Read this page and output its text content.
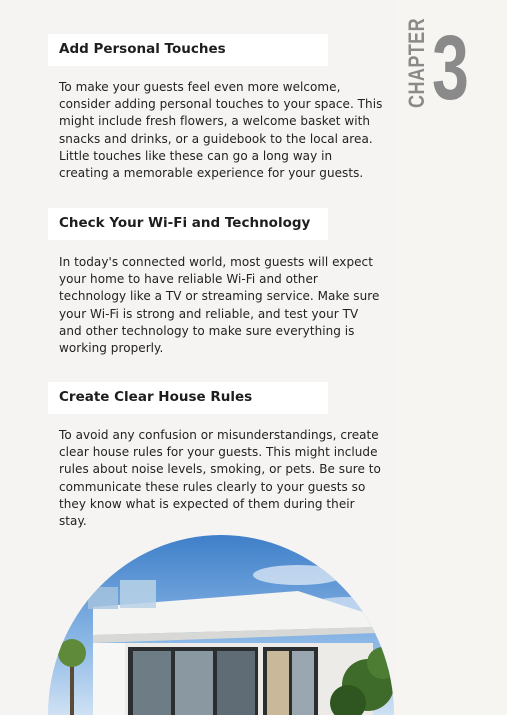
CHAPTER 3
Add Personal Touches
To make your guests feel even more welcome, consider adding personal touches to your space. This might include fresh flowers, a welcome basket with snacks and drinks, or a guidebook to the local area. Little touches like these can go a long way in creating a memorable experience for your guests.
Check Your Wi-Fi and Technology
In today's connected world, most guests will expect your home to have reliable Wi-Fi and other technology like a TV or streaming service. Make sure your Wi-Fi is strong and reliable, and test your TV and other technology to make sure everything is working properly.
Create Clear House Rules
To avoid any confusion or misunderstandings, create clear house rules for your guests. This might include rules about noise levels, smoking, or pets. Be sure to communicate these rules clearly to your guests so they know what is expected of them during their stay.
